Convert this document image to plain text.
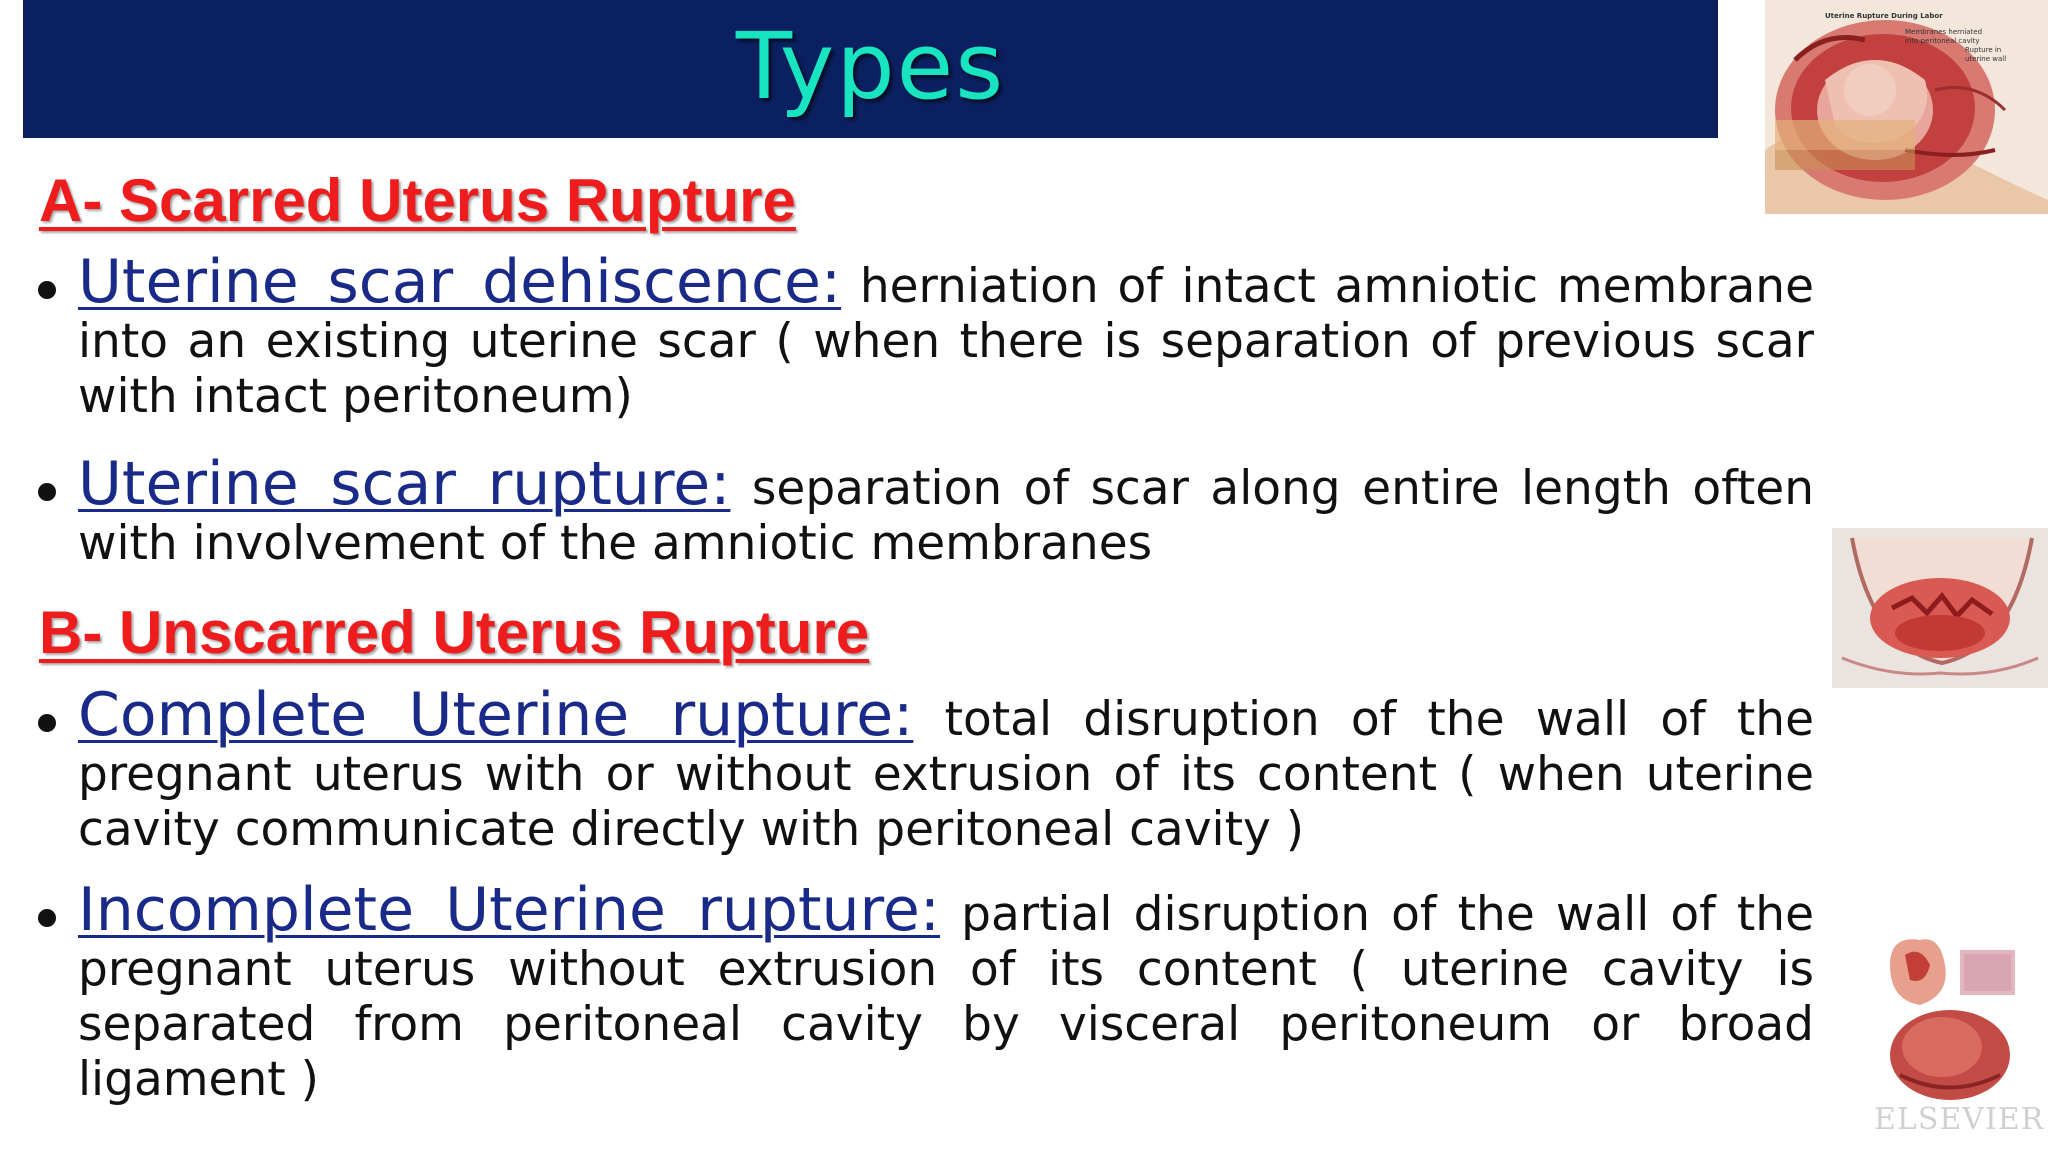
Types
A- Scarred Uterus Rupture
Uterine scar dehiscence: herniation of intact amniotic membrane into an existing uterine scar ( when there is separation of previous scar with intact peritoneum)
Uterine scar rupture: separation of scar along entire length often with involvement of the amniotic membranes
B- Unscarred Uterus Rupture
Complete Uterine rupture: total disruption of the wall of the pregnant uterus with or without extrusion of its content ( when uterine cavity communicate directly with peritoneal cavity )
Incomplete Uterine rupture: partial disruption of the wall of the pregnant uterus without extrusion of its content ( uterine cavity is separated from peritoneal cavity by visceral peritoneum or broad ligament )
Uterine Rupture During Labor
Membranes herniated
into peritoneal cavity
Rupture in
uterine wall
ELSEVIER
